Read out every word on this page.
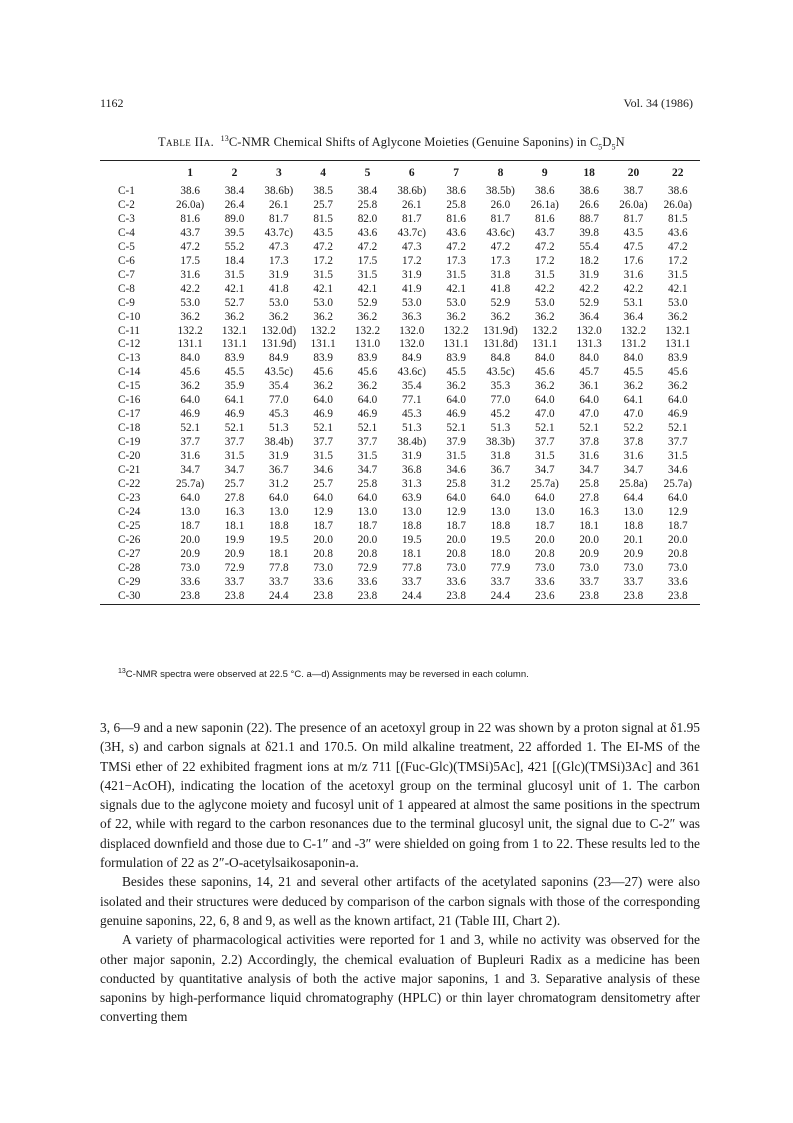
1162	Vol. 34 (1986)
Table IIa. $^{13}$C-NMR Chemical Shifts of Aglycone Moieties (Genuine Saponins) in $C_5D_5N$
	1	2	3	4	5	6	7	8	9	18	20	22
C-1	38.6	38.4	38.6b)	38.5	38.4	38.6b)	38.6	38.5b)	38.6	38.6	38.7	38.6
C-2	26.0a)	26.4	26.1	25.7	25.8	26.1	25.8	26.0	26.1a)	26.6	26.0a)	26.0a)
C-3	81.6	89.0	81.7	81.5	82.0	81.7	81.6	81.7	81.6	88.7	81.7	81.5
C-4	43.7	39.5	43.7c)	43.5	43.6	43.7c)	43.6	43.6c)	43.7	39.8	43.5	43.6
C-5	47.2	55.2	47.3	47.2	47.2	47.3	47.2	47.2	47.2	55.4	47.5	47.2
C-6	17.5	18.4	17.3	17.2	17.5	17.2	17.3	17.3	17.2	18.2	17.6	17.2
C-7	31.6	31.5	31.9	31.5	31.5	31.9	31.5	31.8	31.5	31.9	31.6	31.5
C-8	42.2	42.1	41.8	42.1	42.1	41.9	42.1	41.8	42.2	42.2	42.2	42.1
C-9	53.0	52.7	53.0	53.0	52.9	53.0	53.0	52.9	53.0	52.9	53.1	53.0
C-10	36.2	36.2	36.2	36.2	36.2	36.3	36.2	36.2	36.2	36.4	36.4	36.2
C-11	132.2	132.1	132.0d)	132.2	132.2	132.0	132.2	131.9d)	132.2	132.0	132.2	132.1
C-12	131.1	131.1	131.9d)	131.1	131.0	132.0	131.1	131.8d)	131.1	131.3	131.2	131.1
C-13	84.0	83.9	84.9	83.9	83.9	84.9	83.9	84.8	84.0	84.0	84.0	83.9
C-14	45.6	45.5	43.5c)	45.6	45.6	43.6c)	45.5	43.5c)	45.6	45.7	45.5	45.6
C-15	36.2	35.9	35.4	36.2	36.2	35.4	36.2	35.3	36.2	36.1	36.2	36.2
C-16	64.0	64.1	77.0	64.0	64.0	77.1	64.0	77.0	64.0	64.0	64.1	64.0
C-17	46.9	46.9	45.3	46.9	46.9	45.3	46.9	45.2	47.0	47.0	47.0	46.9
C-18	52.1	52.1	51.3	52.1	52.1	51.3	52.1	51.3	52.1	52.1	52.2	52.1
C-19	37.7	37.7	38.4b)	37.7	37.7	38.4b)	37.9	38.3b)	37.7	37.8	37.8	37.7
C-20	31.6	31.5	31.9	31.5	31.5	31.9	31.5	31.8	31.5	31.6	31.6	31.5
C-21	34.7	34.7	36.7	34.6	34.7	36.8	34.6	36.7	34.7	34.7	34.7	34.6
C-22	25.7a)	25.7	31.2	25.7	25.8	31.3	25.8	31.2	25.7a)	25.8	25.8a)	25.7a)
C-23	64.0	27.8	64.0	64.0	64.0	63.9	64.0	64.0	64.0	27.8	64.4	64.0
C-24	13.0	16.3	13.0	12.9	13.0	13.0	12.9	13.0	13.0	16.3	13.0	12.9
C-25	18.7	18.1	18.8	18.7	18.7	18.8	18.7	18.8	18.7	18.1	18.8	18.7
C-26	20.0	19.9	19.5	20.0	20.0	19.5	20.0	19.5	20.0	20.0	20.1	20.0
C-27	20.9	20.9	18.1	20.8	20.8	18.1	20.8	18.0	20.8	20.9	20.9	20.8
C-28	73.0	72.9	77.8	73.0	72.9	77.8	73.0	77.9	73.0	73.0	73.0	73.0
C-29	33.6	33.7	33.7	33.6	33.6	33.7	33.6	33.7	33.6	33.7	33.7	33.6
C-30	23.8	23.8	24.4	23.8	23.8	24.4	23.8	24.4	23.6	23.8	23.8	23.8
$^{13}$C-NMR spectra were observed at 22.5 °C. a—d) Assignments may be reversed in each column.

3, 6—9 and a new saponin (22). The presence of an acetoxyl group in 22 was shown by a proton signal at δ1.95 (3H, s) and carbon signals at δ21.1 and 170.5. On mild alkaline treatment, 22 afforded 1. The EI-MS of the TMSi ether of 22 exhibited fragment ions at m/z 711 [(Fuc-Glc)(TMSi)5Ac], 421 [(Glc)(TMSi)3Ac] and 361 (421−AcOH), indicating the location of the acetoxyl group on the terminal glucosyl unit of 1. The carbon signals due to the aglycone moiety and fucosyl unit of 1 appeared at almost the same positions in the spectrum of 22, while with regard to the carbon resonances due to the terminal glucosyl unit, the signal due to C-2″ was displaced downfield and those due to C-1″ and -3″ were shielded on going from 1 to 22. These results led to the formulation of 22 as 2″-O-acetylsaikosaponin-a.

Besides these saponins, 14, 21 and several other artifacts of the acetylated saponins (23—27) were also isolated and their structures were deduced by comparison of the carbon signals with those of the corresponding genuine saponins, 22, 6, 8 and 9, as well as the known artifact, 21 (Table III, Chart 2).

A variety of pharmacological activities were reported for 1 and 3, while no activity was observed for the other major saponin, 2.2) Accordingly, the chemical evaluation of Bupleuri Radix as a medicine has been conducted by quantitative analysis of both the active major saponins, 1 and 3. Separative analysis of these saponins by high-performance liquid chromatography (HPLC) or thin layer chromatogram densitometry after converting them
